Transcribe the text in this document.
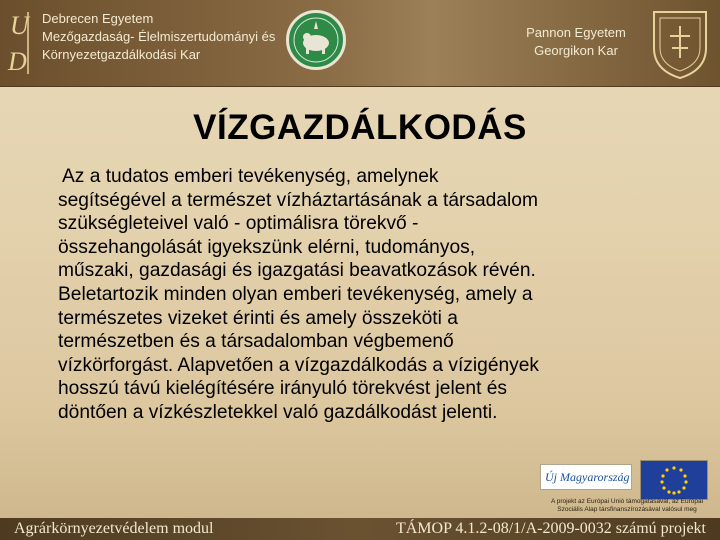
U
D
Debrecen Egyetem
Mezőgazdaság- Élelmiszertudományi és
Környezetgazdálkodási Kar
Pannon Egyetem
Georgikon Kar
VÍZGAZDÁLKODÁS
Az a tudatos emberi tevékenység, amelynek
segítségével a természet vízháztartásának a társadalom
szükségleteivel való - optimálisra törekvő -
összehangolását igyekszünk elérni, tudományos,
műszaki, gazdasági és igazgatási beavatkozások révén.
Beletartozik minden olyan emberi tevékenység, amely a
természetes vizeket érinti és amely összeköti a
természetben és a társadalomban végbemenő
vízkörforgást. Alapvetően a vízgazdálkodás a vízigények
hosszú távú kielégítésére irányuló törekvést jelent és
döntően a vízkészletekkel való gazdálkodást jelenti.
Új Magyarország
A projekt az Európai Unió támogatásával, az Európai
Szociális Alap társfinanszírozásával valósul meg
Agrárkörnyezetvédelem modul	TÁMOP 4.1.2-08/1/A-2009-0032 számú projekt
